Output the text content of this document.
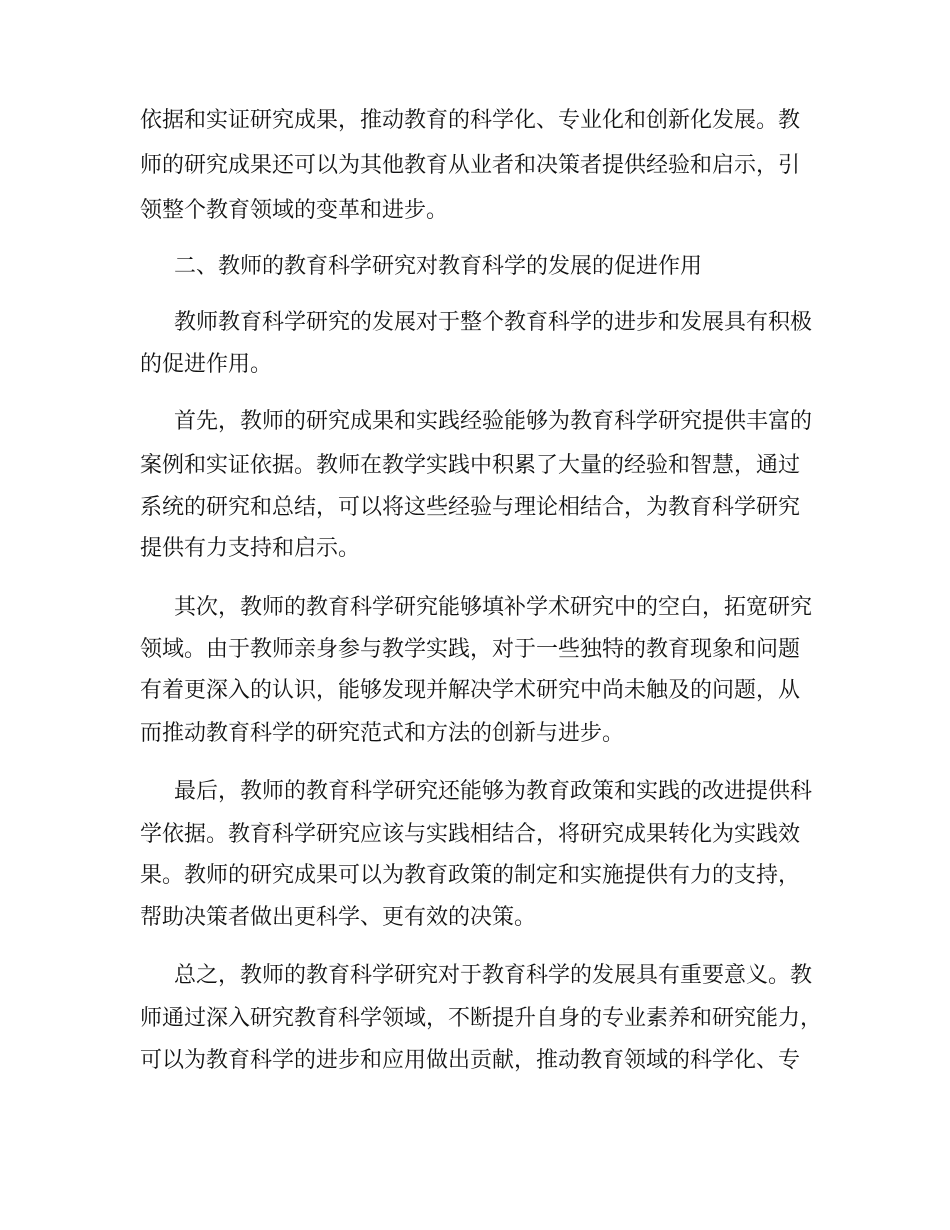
依据和实证研究成果，推动教育的科学化、专业化和创新化发展。教

师的研究成果还可以为其他教育从业者和决策者提供经验和启示，引

领整个教育领域的变革和进步。

二、教师的教育科学研究对教育科学的发展的促进作用

教师教育科学研究的发展对于整个教育科学的进步和发展具有积极

的促进作用。

首先，教师的研究成果和实践经验能够为教育科学研究提供丰富的

案例和实证依据。教师在教学实践中积累了大量的经验和智慧，通过

系统的研究和总结，可以将这些经验与理论相结合，为教育科学研究

提供有力支持和启示。

其次，教师的教育科学研究能够填补学术研究中的空白，拓宽研究

领域。由于教师亲身参与教学实践，对于一些独特的教育现象和问题

有着更深入的认识，能够发现并解决学术研究中尚未触及的问题，从

而推动教育科学的研究范式和方法的创新与进步。

最后，教师的教育科学研究还能够为教育政策和实践的改进提供科

学依据。教育科学研究应该与实践相结合，将研究成果转化为实践效

果。教师的研究成果可以为教育政策的制定和实施提供有力的支持，

帮助决策者做出更科学、更有效的决策。

总之，教师的教育科学研究对于教育科学的发展具有重要意义。教

师通过深入研究教育科学领域，不断提升自身的专业素养和研究能力，

可以为教育科学的进步和应用做出贡献，推动教育领域的科学化、专
